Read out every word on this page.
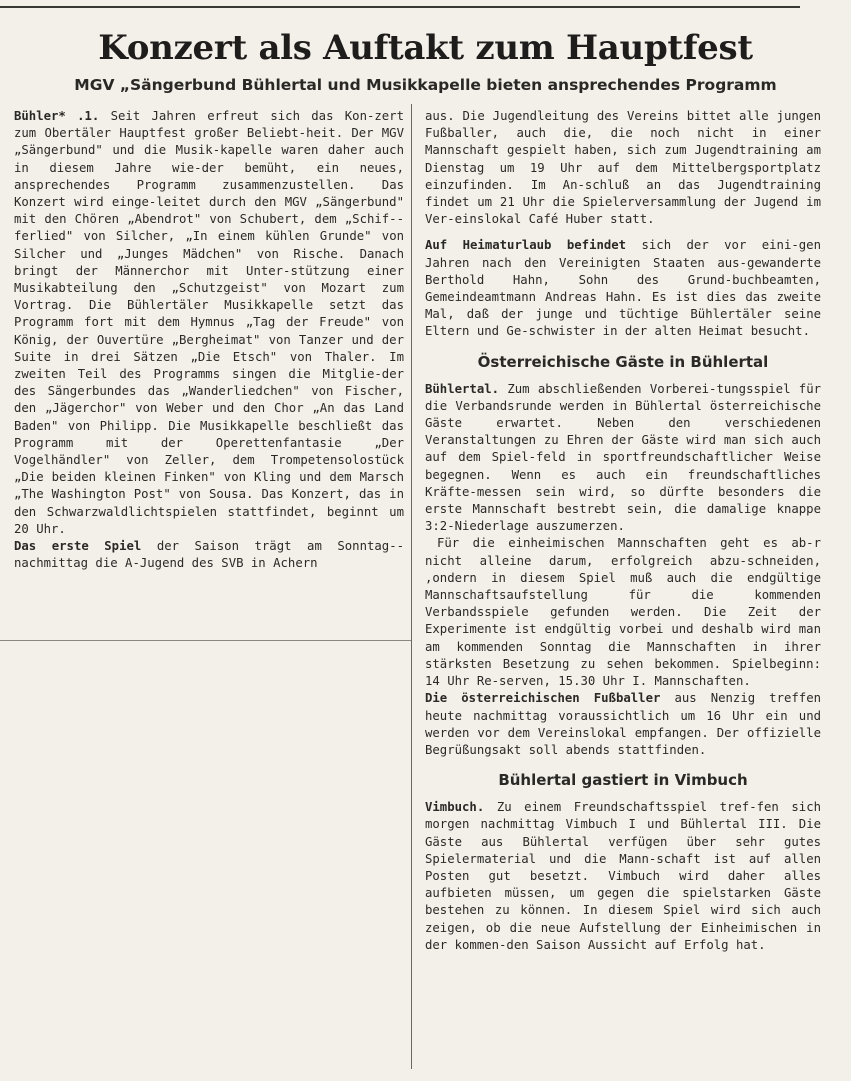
Konzert als Auftakt zum Hauptfest
MGV „Sängerbund Bühlertal und Musikkapelle bieten ansprechendes Programm

Bühler* .1. Seit Jahren erfreut sich das Kon-zert zum Obertäler Hauptfest großer Beliebt-heit. Der MGV „Sängerbund" und die Musik-kapelle waren daher auch in diesem Jahre wie-der bemüht, ein neues, ansprechendes Programm zusammenzustellen. Das Konzert wird einge-leitet durch den MGV „Sängerbund" mit den Chören „Abendrot" von Schubert, dem „Schif-ferlied" von Silcher, „In einem kühlen Grunde" von Silcher und „Junges Mädchen" von Rische. Danach bringt der Männerchor mit Unter-stützung einer Musikabteilung den „Schutzgeist" von Mozart zum Vortrag. Die Bühlertäler Musikkapelle setzt das Programm fort mit dem Hymnus „Tag der Freude" von König, der Ouvertüre „Bergheimat" von Tanzer und der Suite in drei Sätzen „Die Etsch" von Thaler. Im zweiten Teil des Programms singen die Mitglie-der des Sängerbundes das „Wanderliedchen" von Fischer, den „Jägerchor" von Weber und den Chor „An das Land Baden" von Philipp. Die Musikkapelle beschließt das Programm mit der Operettenfantasie „Der Vogelhändler" von Zeller, dem Trompetensolostück „Die beiden kleinen Finken" von Kling und dem Marsch „The Washington Post" von Sousa. Das Konzert, das in den Schwarzwaldlichtspielen stattfindet, beginnt um 20 Uhr.

Das erste Spiel der Saison trägt am Sonntag-nachmittag die A-Jugend des SVB in Achern

aus. Die Jugendleitung des Vereins bittet alle jungen Fußballer, auch die, die noch nicht in einer Mannschaft gespielt haben, sich zum Jugendtraining am Dienstag um 19 Uhr auf dem Mittelbergsportplatz einzufinden. Im An-schluß an das Jugendtraining findet um 21 Uhr die Spielerversammlung der Jugend im Ver-einslokal Café Huber statt.

Auf Heimaturlaub befindet sich der vor eini-gen Jahren nach den Vereinigten Staaten aus-gewanderte Berthold Hahn, Sohn des Grund-buchbeamten, Gemeindeamtmann Andreas Hahn. Es ist dies das zweite Mal, daß der junge und tüchtige Bühlertäler seine Eltern und Ge-schwister in der alten Heimat besucht.

Österreichische Gäste in Bühlertal

Bühlertal. Zum abschließenden Vorberei-tungsspiel für die Verbandsrunde werden in Bühlertal österreichische Gäste erwartet. Neben den verschiedenen Veranstaltungen zu Ehren der Gäste wird man sich auch auf dem Spiel-feld in sportfreundschaftlicher Weise begegnen. Wenn es auch ein freundschaftliches Kräfte-messen sein wird, so dürfte besonders die erste Mannschaft bestrebt sein, die damalige knappe 3:2-Niederlage auszumerzen.

Für die einheimischen Mannschaften geht es ab-r nicht alleine darum, erfolgreich abzu-schneiden, ,ondern in diesem Spiel muß auch die endgültige Mannschaftsaufstellung für die kommenden Verbandsspiele gefunden werden. Die Zeit der Experimente ist endgültig vorbei und deshalb wird man am kommenden Sonntag die Mannschaften in ihrer stärksten Besetzung zu sehen bekommen. Spielbeginn: 14 Uhr Re-serven, 15.30 Uhr I. Mannschaften.

Die österreichischen Fußballer aus Nenzig treffen heute nachmittag voraussichtlich um 16 Uhr ein und werden vor dem Vereinslokal empfangen. Der offizielle Begrüßungsakt soll abends stattfinden.

Bühlertal gastiert in Vimbuch

Vimbuch. Zu einem Freundschaftsspiel tref-fen sich morgen nachmittag Vimbuch I und Bühlertal III. Die Gäste aus Bühlertal verfügen über sehr gutes Spielermaterial und die Mann-schaft ist auf allen Posten gut besetzt. Vimbuch wird daher alles aufbieten müssen, um gegen die spielstarken Gäste bestehen zu können. In diesem Spiel wird sich auch zeigen, ob die neue Aufstellung der Einheimischen in der kommen-den Saison Aussicht auf Erfolg hat.
